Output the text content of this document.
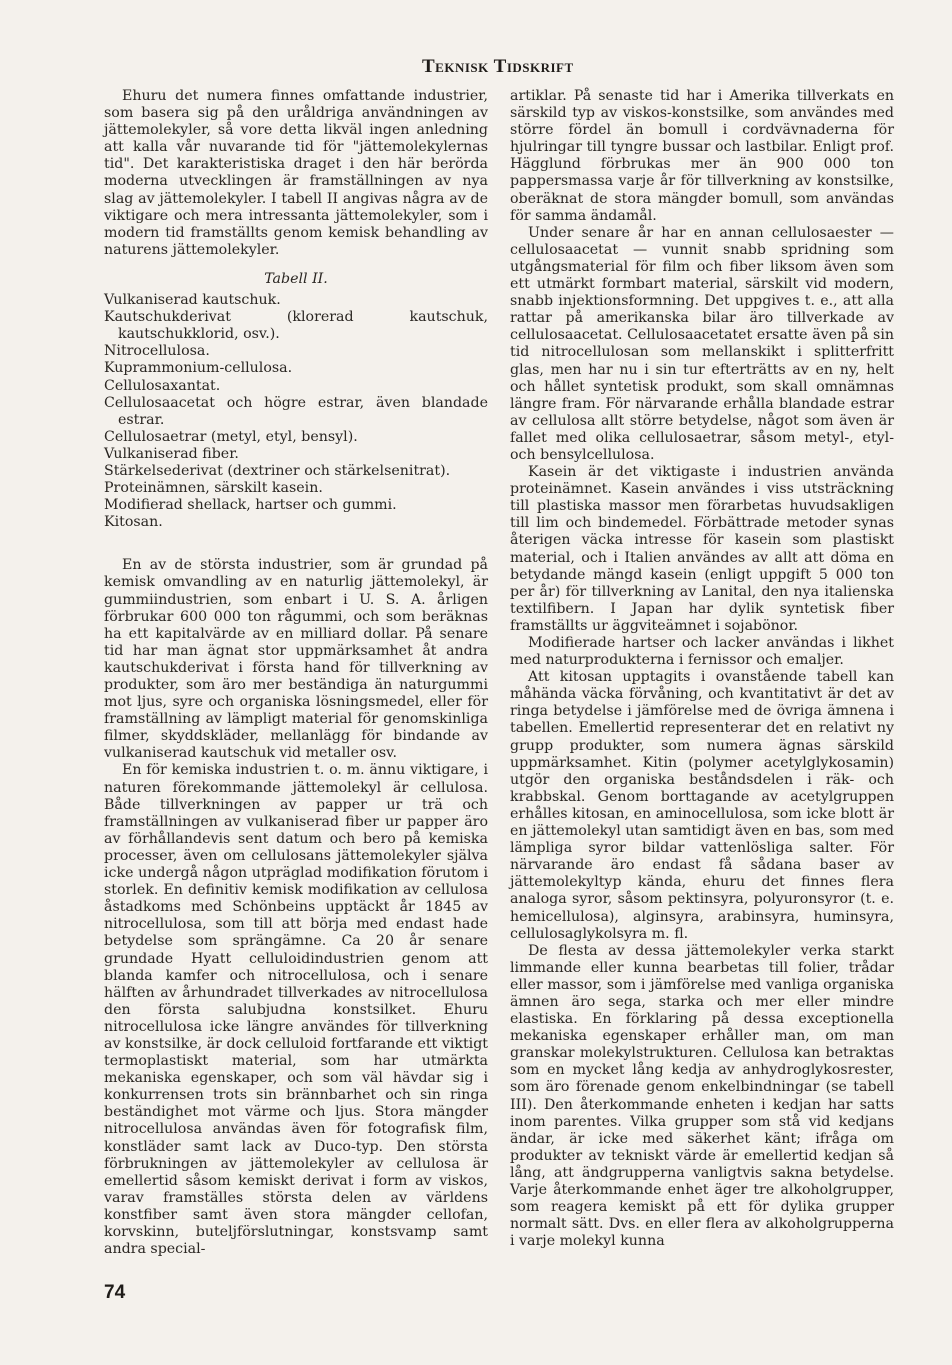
Teknisk Tidskrift

Ehuru det numera finnes omfattande industrier, som basera sig på den uråldriga användningen av jättemolekyler, så vore detta likväl ingen anledning att kalla vår nuvarande tid för "jättemolekylernas tid". Det karakteristiska draget i den här berörda moderna utvecklingen är framställningen av nya slag av jättemolekyler. I tabell II angivas några av de viktigare och mera intressanta jättemolekyler, som i modern tid framställts genom kemisk behandling av naturens jättemolekyler.

Tabell II.
Vulkaniserad kautschuk.
Kautschukderivat (klorerad kautschuk, kautschukklorid, osv.).
Nitrocellulosa.
Kuprammonium-cellulosa.
Cellulosaxantat.
Cellulosaacetat och högre estrar, även blandade estrar.
Cellulosaetrar (metyl, etyl, bensyl).
Vulkaniserad fiber.
Stärkelsederivat (dextriner och stärkelsenitrat).
Proteinämnen, särskilt kasein.
Modifierad shellack, hartser och gummi.
Kitosan.

En av de största industrier, som är grundad på kemisk omvandling av en naturlig jättemolekyl, är gummiindustrien, som enbart i U. S. A. årligen förbrukar 600 000 ton rågummi, och som beräknas ha ett kapitalvärde av en milliard dollar. På senare tid har man ägnat stor uppmärksamhet åt andra kautschukderivat i första hand för tillverkning av produkter, som äro mer beständiga än naturgummi mot ljus, syre och organiska lösningsmedel, eller för framställning av lämpligt material för genomskinliga filmer, skyddskläder, mellanlägg för bindande av vulkaniserad kautschuk vid metaller osv.

En för kemiska industrien t. o. m. ännu viktigare, i naturen förekommande jättemolekyl är cellulosa. Både tillverkningen av papper ur trä och framställningen av vulkaniserad fiber ur papper äro av förhållandevis sent datum och bero på kemiska processer, även om cellulosans jättemolekyler själva icke undergå någon utpräglad modifikation förutom i storlek. En definitiv kemisk modifikation av cellulosa åstadkoms med Schönbeins upptäckt år 1845 av nitrocellulosa, som till att börja med endast hade betydelse som sprängämne. Ca 20 år senare grundade Hyatt celluloidindustrien genom att blanda kamfer och nitrocellulosa, och i senare hälften av århundradet tillverkades av nitrocellulosa den första salubjudna konstsilket. Ehuru nitrocellulosa icke längre användes för tillverkning av konstsilke, är dock celluloid fortfarande ett viktigt termoplastiskt material, som har utmärkta mekaniska egenskaper, och som väl hävdar sig i konkurrensen trots sin brännbarhet och sin ringa beständighet mot värme och ljus. Stora mängder nitrocellulosa användas även för fotografisk film, konstläder samt lack av Duco-typ. Den största förbrukningen av jättemolekyler av cellulosa är emellertid såsom kemiskt derivat i form av viskos, varav framställes största delen av världens konstfiber samt även stora mängder cellofan, korvskinn, buteljförslutningar, konstsvamp samt andra special-

artiklar. På senaste tid har i Amerika tillverkats en särskild typ av viskos-konstsilke, som användes med större fördel än bomull i cordvävnaderna för hjulringar till tyngre bussar och lastbilar. Enligt prof. Hägglund förbrukas mer än 900 000 ton pappersmassa varje år för tillverkning av konstsilke, oberäknat de stora mängder bomull, som användas för samma ändamål.

Under senare år har en annan cellulosaester — cellulosaacetat — vunnit snabb spridning som utgångsmaterial för film och fiber liksom även som ett utmärkt formbart material, särskilt vid modern, snabb injektionsformning. Det uppgives t. e., att alla rattar på amerikanska bilar äro tillverkade av cellulosaacetat. Cellulosaacetatet ersatte även på sin tid nitrocellulosan som mellanskikt i splitterfritt glas, men har nu i sin tur efterträtts av en ny, helt och hållet syntetisk produkt, som skall omnämnas längre fram. För närvarande erhålla blandade estrar av cellulosa allt större betydelse, något som även är fallet med olika cellulosaetrar, såsom metyl-, etyl- och bensylcellulosa.

Kasein är det viktigaste i industrien använda proteinämnet. Kasein användes i viss utsträckning till plastiska massor men förarbetas huvudsakligen till lim och bindemedel. Förbättrade metoder synas återigen väcka intresse för kasein som plastiskt material, och i Italien användes av allt att döma en betydande mängd kasein (enligt uppgift 5 000 ton per år) för tillverkning av Lanital, den nya italienska textilfibern. I Japan har dylik syntetisk fiber framställts ur äggviteämnet i sojabönor.

Modifierade hartser och lacker användas i likhet med naturprodukterna i fernissor och emaljer.

Att kitosan upptagits i ovanstående tabell kan måhända väcka förvåning, och kvantitativt är det av ringa betydelse i jämförelse med de övriga ämnena i tabellen. Emellertid representerar det en relativt ny grupp produkter, som numera ägnas särskild uppmärksamhet. Kitin (polymer acetylglykosamin) utgör den organiska beståndsdelen i räk- och krabbskal. Genom borttagande av acetylgruppen erhålles kitosan, en aminocellulosa, som icke blott är en jättemolekyl utan samtidigt även en bas, som med lämpliga syror bildar vattenlösliga salter. För närvarande äro endast få sådana baser av jättemolekyltyp kända, ehuru det finnes flera analoga syror, såsom pektinsyra, polyuronsyror (t. e. hemicellulosa), alginsyra, arabinsyra, huminsyra, cellulosaglykolsyra m. fl.

De flesta av dessa jättemolekyler verka starkt limmande eller kunna bearbetas till folier, trådar eller massor, som i jämförelse med vanliga organiska ämnen äro sega, starka och mer eller mindre elastiska. En förklaring på dessa exceptionella mekaniska egenskaper erhåller man, om man granskar molekylstrukturen. Cellulosa kan betraktas som en mycket lång kedja av anhydroglykosrester, som äro förenade genom enkelbindningar (se tabell III). Den återkommande enheten i kedjan har satts inom parentes. Vilka grupper som stå vid kedjans ändar, är icke med säkerhet känt; ifråga om produkter av tekniskt värde är emellertid kedjan så lång, att ändgrupperna vanligtvis sakna betydelse. Varje återkommande enhet äger tre alkoholgrupper, som reagera kemiskt på ett för dylika grupper normalt sätt. Dvs. en eller flera av alkoholgrupperna i varje molekyl kunna

74
